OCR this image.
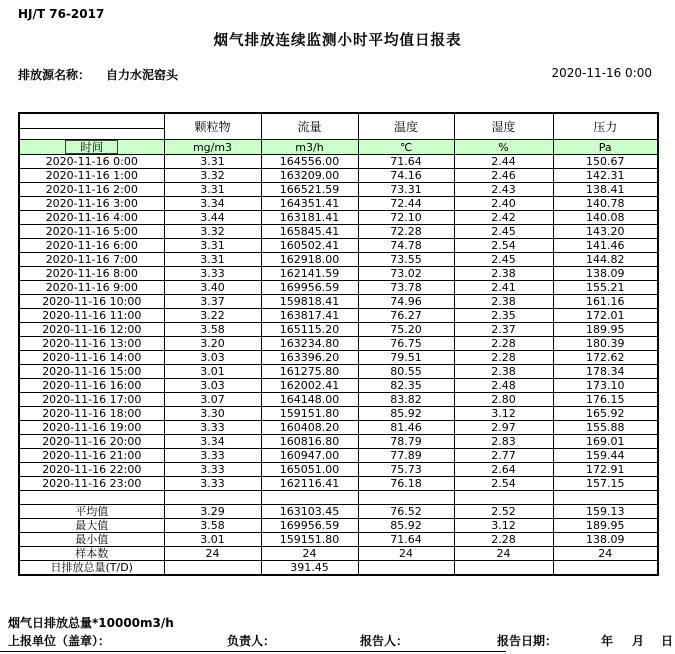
HJ/T 76-2017
烟气排放连续监测小时平均值日报表
排放源名称： 自力水泥窑头	2020-11-16 0:00
	颗粒物	流量	温度	湿度	压力
时间	mg/m3	m3/h	℃	%	Pa
2020-11-16 0:00	3.31	164556.00	71.64	2.44	150.67
2020-11-16 1:00	3.32	163209.00	74.16	2.46	142.31
2020-11-16 2:00	3.31	166521.59	73.31	2.43	138.41
2020-11-16 3:00	3.34	164351.41	72.44	2.40	140.78
2020-11-16 4:00	3.44	163181.41	72.10	2.42	140.08
2020-11-16 5:00	3.32	165845.41	72.28	2.45	143.20
2020-11-16 6:00	3.31	160502.41	74.78	2.54	141.46
2020-11-16 7:00	3.31	162918.00	73.55	2.45	144.82
2020-11-16 8:00	3.33	162141.59	73.02	2.38	138.09
2020-11-16 9:00	3.40	169956.59	73.78	2.41	155.21
2020-11-16 10:00	3.37	159818.41	74.96	2.38	161.16
2020-11-16 11:00	3.22	163817.41	76.27	2.35	172.01
2020-11-16 12:00	3.58	165115.20	75.20	2.37	189.95
2020-11-16 13:00	3.20	163234.80	76.75	2.28	180.39
2020-11-16 14:00	3.03	163396.20	79.51	2.28	172.62
2020-11-16 15:00	3.01	161275.80	80.55	2.38	178.34
2020-11-16 16:00	3.03	162002.41	82.35	2.48	173.10
2020-11-16 17:00	3.07	164148.00	83.82	2.80	176.15
2020-11-16 18:00	3.30	159151.80	85.92	3.12	165.92
2020-11-16 19:00	3.33	160408.20	81.46	2.97	155.88
2020-11-16 20:00	3.34	160816.80	78.79	2.83	169.01
2020-11-16 21:00	3.33	160947.00	77.89	2.77	159.44
2020-11-16 22:00	3.33	165051.00	75.73	2.64	172.91
2020-11-16 23:00	3.33	162116.41	76.18	2.54	157.15

平均值	3.29	163103.45	76.52	2.52	159.13
最大值	3.58	169956.59	85.92	3.12	189.95
最小值	3.01	159151.80	71.64	2.28	138.09
样本数	24	24	24	24	24
日排放总量(T/D)		391.45			
烟气日排放总量*10000m3/h
上报单位（盖章）：	负责人：	报告人：	报告日期：	年 月 日
